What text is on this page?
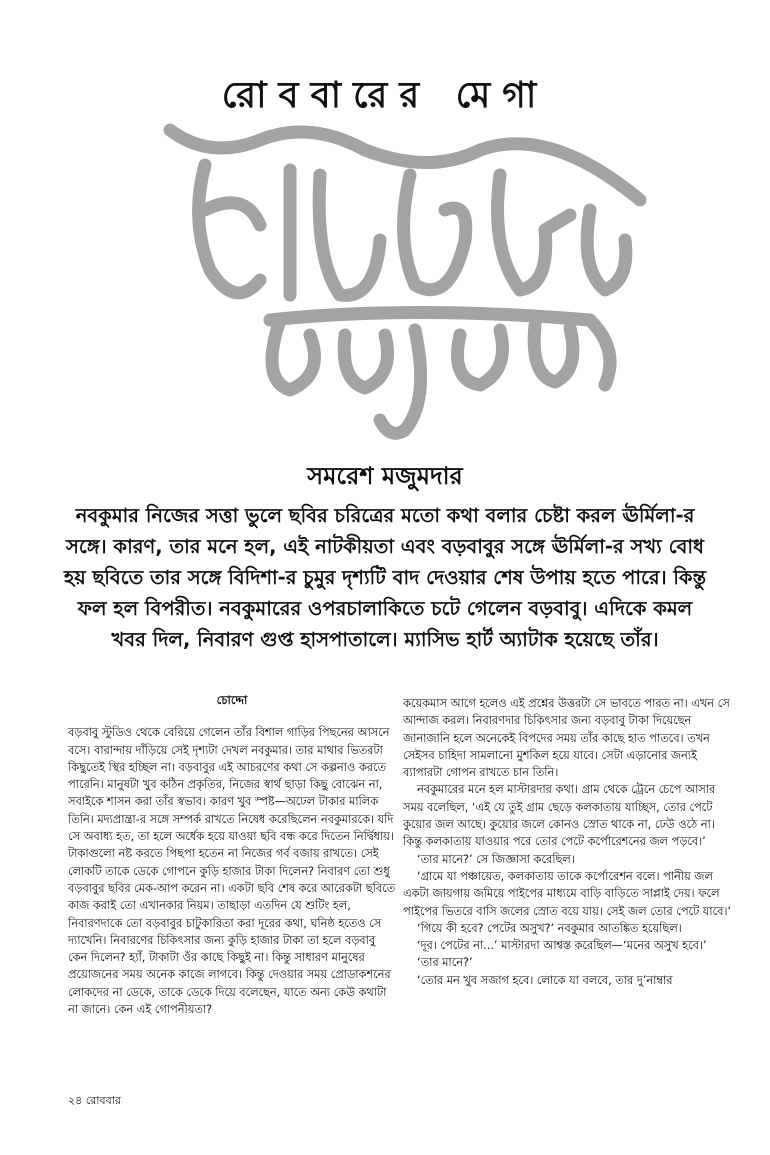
রোববারের মেগা
সমরেশ মজুমদার

নবকুমার নিজের সত্তা ভুলে ছবির চরিত্রের মতো কথা বলার চেষ্টা করল ঊর্মিলা-র সঙ্গে। কারণ, তার মনে হল, এই নাটকীয়তা এবং বড়বাবুর সঙ্গে ঊর্মিলা-র সখ্য বোধ হয় ছবিতে তার সঙ্গে বিদিশা-র চুমুর দৃশ্যটি বাদ দেওয়ার শেষ উপায় হতে পারে। কিন্তু ফল হল বিপরীত। নবকুমারের ওপরচালাকিতে চটে গেলেন বড়বাবু। এদিকে কমল খবর দিল, নিবারণ গুপ্ত হাসপাতালে। ম্যাসিভ হার্ট অ্যাটাক হয়েছে তাঁর।

চোদ্দো

বড়বাবু স্টুডিও থেকে বেরিয়ে গেলেন তাঁর বিশাল গাড়ির পিছনের আসনে বসে। বারান্দায় দাঁড়িয়ে সেই দৃশ্যটা দেখল নবকুমার। তার মাথার ভিতরটা কিছুতেই স্থির হচ্ছিল না। বড়বাবুর এই আচরণের কথা সে কল্পনাও করতে পারেনি। মানুষটা খুব কঠিন প্রকৃতির, নিজের স্বার্থ ছাড়া কিছু বোঝেন না, সবাইকে শাসন করা তাঁর স্বভাব। কারণ খুব স্পষ্ট—অঢেল টাকার মালিক তিনি। মদ্যপ্রান্ত্রা-র সঙ্গে সম্পর্ক রাখতে নিষেধ করেছিলেন নবকুমারকে। যদি সে অবাধ্য হত, তা হলে অর্ধেক হয়ে যাওয়া ছবি বন্ধ করে দিতেন নির্দ্বিধায়। টাকাগুলো নষ্ট করতে পিছপা হতেন না নিজের গর্ব বজায় রাখতে। সেই লোকটি তাকে ডেকে গোপনে কুড়ি হাজার টাকা দিলেন? নিবারণ তো শুধু বড়বাবুর ছবির মেক-আপ করেন না। একটা ছবি শেষ করে আরেকটা ছবিতে কাজ করাই তো এখানকার নিয়ম। তাছাড়া এতদিন যে শুটিং হল, নিবারণদাকে তো বড়বাবুর চাটুকারিতা করা দূরের কথা, ঘনিষ্ঠ হতেও সে দ্যাখেনি। নিবারণের চিকিৎসার জন্য কুড়ি হাজার টাকা তা হলে বড়বাবু কেন দিলেন? হ্যাঁ, টাকাটা ওঁর কাছে কিছুই না। কিন্তু সাধারণ মানুষের প্রয়োজনের সময় অনেক কাজে লাগবে। কিন্তু দেওয়ার সময় প্রোডাকশনের লোকদের না ডেকে, তাকে ডেকে দিয়ে বলেছেন, যাতে অন্য কেউ কথাটা না জানে। কেন এই গোপনীয়তা?

কয়েকমাস আগে হলেও এই প্রশ্নের উত্তরটা সে ভাবতে পারত না। এখন সে আন্দাজ করল। নিবারণদার চিকিৎসার জন্য বড়বাবু টাকা দিয়েছেন জানাজানি হলে অনেকেই বিপদের সময় তাঁর কাছে হাত পাতবে। তখন সেইসব চাহিদা সামলানো মুশকিল হয়ে যাবে। সেটা এড়ানোর জন্যই ব্যাপারটা গোপন রাখতে চান তিনি।

নবকুমারের মনে হল মাস্টারদার কথা। গ্রাম থেকে ট্রেনে চেপে আসার সময় বলেছিল, ‘এই যে তুই গ্রাম ছেড়ে কলকাতায় যাচ্ছিস, তোর পেটে কুয়োর জল আছে। কুয়োর জলে কোনও স্রোত থাকে না, ঢেউ ওঠে না। কিন্তু কলকাতায় যাওয়ার পরে তোর পেটে কর্পোরেশনের জল পড়বে।’

‘তার মানে?’ সে জিজ্ঞাসা করেছিল।

‘গ্রামে যা পঞ্চায়েত, কলকাতায় তাকে কর্পোরেশন বলে। পানীয় জল একটা জায়গায় জমিয়ে পাইপের মাধ্যমে বাড়ি বাড়িতে সাপ্লাই দেয়। ফলে পাইপের ভিতরে বাসি জলের স্রোত বয়ে যায়। সেই জল তোর পেটে যাবে।’

‘গিয়ে কী হবে? পেটের অসুখ?’ নবকুমার আতঙ্কিত হয়েছিল।

‘দূর। পেটের না...’ মাস্টারদা আশ্বস্ত করেছিল—‘মনের অসুখ হবে।’

‘তার মানে?’

‘তোর মন খুব সজাগ হবে। লোকে যা বলবে, তার দু’নাম্বার

২৪ রোববার
